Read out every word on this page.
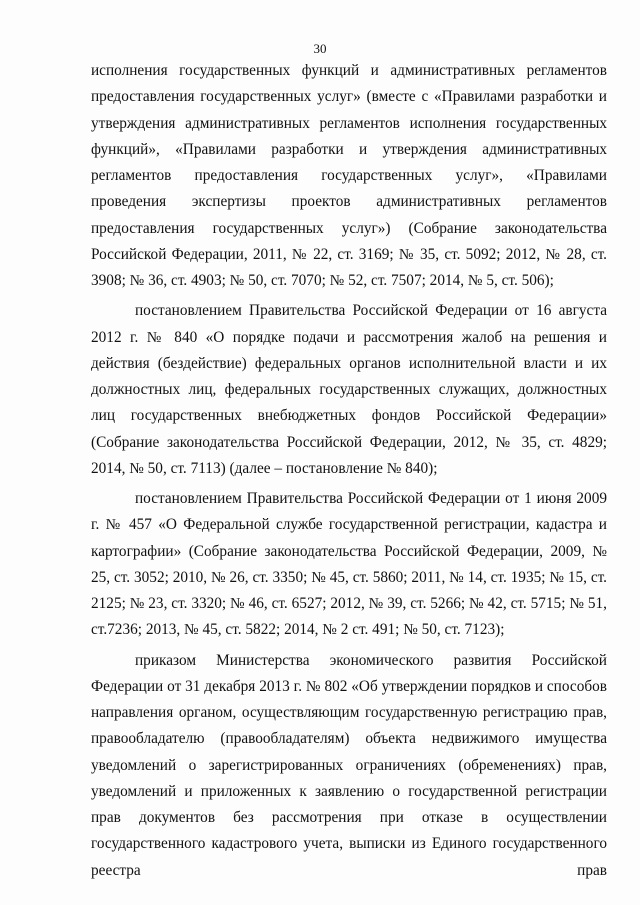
30

исполнения государственных функций и административных регламентов предоставления государственных услуг» (вместе с «Правилами разработки и утверждения административных регламентов исполнения государственных функций», «Правилами разработки и утверждения административных регламентов предоставления государственных услуг», «Правилами проведения экспертизы проектов административных регламентов предоставления государственных услуг») (Собрание законодательства Российской Федерации, 2011, № 22, ст. 3169; № 35, ст. 5092; 2012, № 28, ст. 3908; № 36, ст. 4903; № 50, ст. 7070; № 52, ст. 7507; 2014, № 5, ст. 506);

постановлением Правительства Российской Федерации от 16 августа 2012 г. № 840 «О порядке подачи и рассмотрения жалоб на решения и действия (бездействие) федеральных органов исполнительной власти и их должностных лиц, федеральных государственных служащих, должностных лиц государственных внебюджетных фондов Российской Федерации» (Собрание законодательства Российской Федерации, 2012, № 35, ст. 4829; 2014, № 50, ст. 7113) (далее – постановление № 840);

постановлением Правительства Российской Федерации от 1 июня 2009 г. № 457 «О Федеральной службе государственной регистрации, кадастра и картографии» (Собрание законодательства Российской Федерации, 2009, № 25, ст. 3052; 2010, № 26, ст. 3350; № 45, ст. 5860; 2011, № 14, ст. 1935; № 15, ст. 2125; № 23, ст. 3320; № 46, ст. 6527; 2012, № 39, ст. 5266; № 42, ст. 5715; № 51, ст.7236; 2013, № 45, ст. 5822; 2014, № 2 ст. 491; № 50, ст. 7123);

приказом Министерства экономического развития Российской Федерации от 31 декабря 2013 г. № 802 «Об утверждении порядков и способов направления органом, осуществляющим государственную регистрацию прав, правообладателю (правообладателям) объекта недвижимого имущества уведомлений о зарегистрированных ограничениях (обременениях) прав, уведомлений и приложенных к заявлению о государственной регистрации прав документов без рассмотрения при отказе в осуществлении государственного кадастрового учета, выписки из Единого государственного реестра прав
